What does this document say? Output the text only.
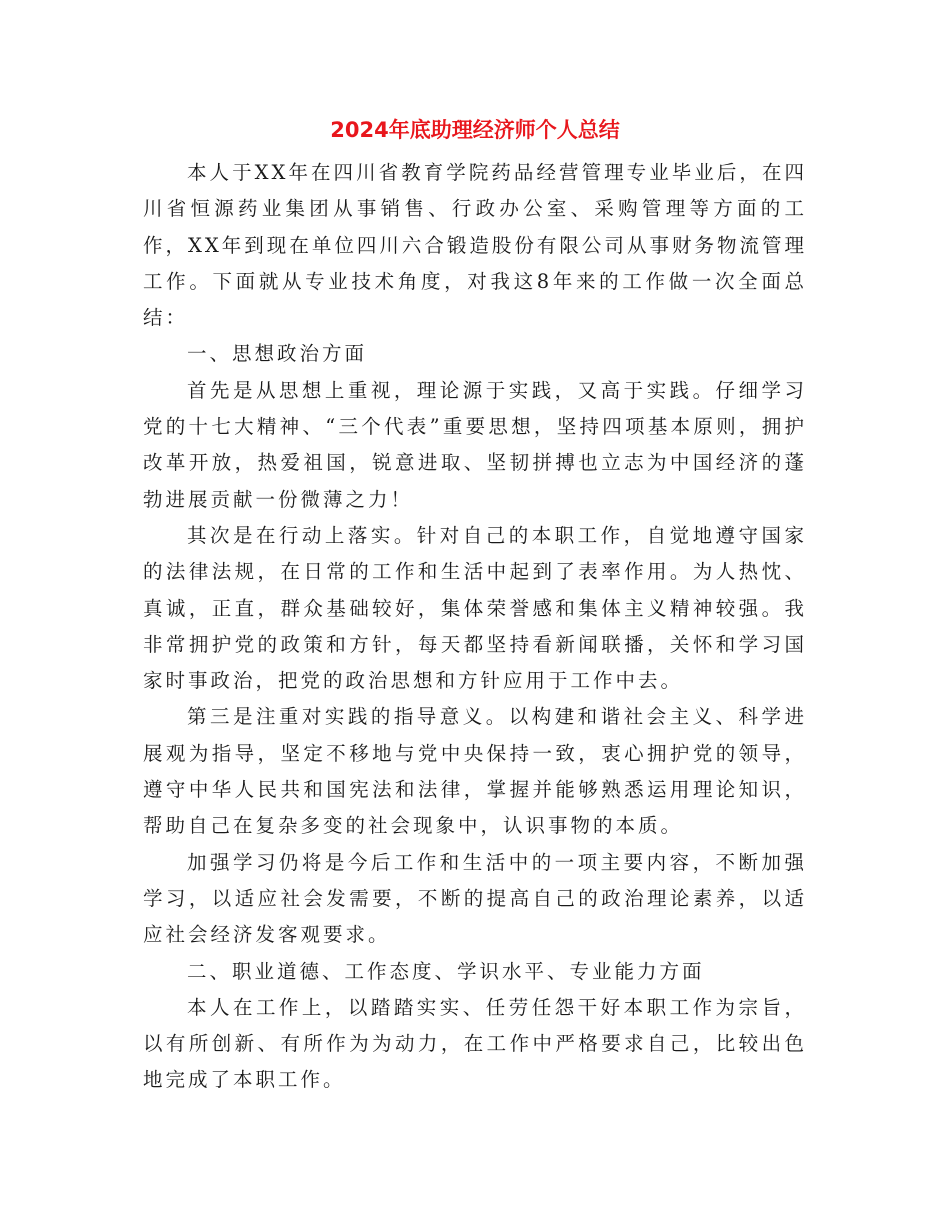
2024年底助理经济师个人总结

本人于XX年在四川省教育学院药品经营管理专业毕业后，在四川省恒源药业集团从事销售、行政办公室、采购管理等方面的工作，XX年到现在单位四川六合锻造股份有限公司从事财务物流管理工作。下面就从专业技术角度，对我这8年来的工作做一次全面总结：

一、思想政治方面

首先是从思想上重视，理论源于实践，又高于实践。仔细学习党的十七大精神、“三个代表”重要思想，坚持四项基本原则，拥护改革开放，热爱祖国，锐意进取、坚韧拼搏也立志为中国经济的蓬勃进展贡献一份微薄之力！

其次是在行动上落实。针对自己的本职工作，自觉地遵守国家的法律法规，在日常的工作和生活中起到了表率作用。为人热忱、真诚，正直，群众基础较好，集体荣誉感和集体主义精神较强。我非常拥护党的政策和方针，每天都坚持看新闻联播，关怀和学习国家时事政治，把党的政治思想和方针应用于工作中去。

第三是注重对实践的指导意义。以构建和谐社会主义、科学进展观为指导，坚定不移地与党中央保持一致，衷心拥护党的领导，遵守中华人民共和国宪法和法律，掌握并能够熟悉运用理论知识，帮助自己在复杂多变的社会现象中，认识事物的本质。

加强学习仍将是今后工作和生活中的一项主要内容，不断加强学习，以适应社会发需要，不断的提高自己的政治理论素养，以适应社会经济发客观要求。

二、职业道德、工作态度、学识水平、专业能力方面

本人在工作上，以踏踏实实、任劳任怨干好本职工作为宗旨，以有所创新、有所作为为动力，在工作中严格要求自己，比较出色地完成了本职工作。
